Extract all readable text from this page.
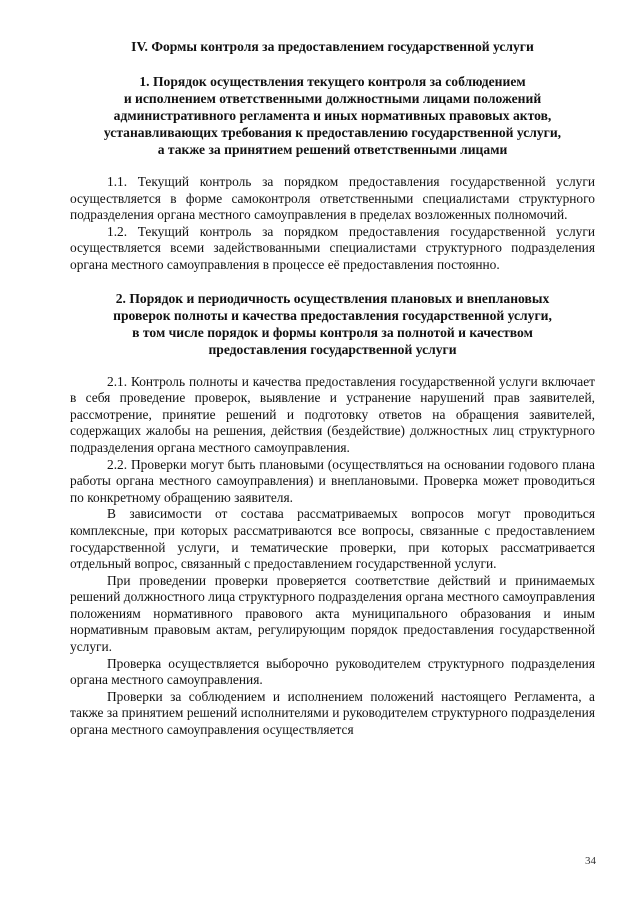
IV. Формы контроля за предоставлением государственной услуги
1. Порядок осуществления текущего контроля за соблюдением
и исполнением ответственными должностными лицами положений
административного регламента и иных нормативных правовых актов,
устанавливающих требования к предоставлению государственной услуги,
а также за принятием решений ответственными лицами

1.1. Текущий контроль за порядком предоставления государственной услуги осуществляется в форме самоконтроля ответственными специалистами структурного подразделения органа местного самоуправления в пределах возложенных полномочий.

1.2. Текущий контроль за порядком предоставления государственной услуги осуществляется всеми задействованными специалистами структурного подразделения органа местного самоуправления в процессе её предоставления постоянно.

2. Порядок и периодичность осуществления плановых и внеплановых
проверок полноты и качества предоставления государственной услуги,
в том числе порядок и формы контроля за полнотой и качеством
предоставления государственной услуги

2.1. Контроль полноты и качества предоставления государственной услуги включает в себя проведение проверок, выявление и устранение нарушений прав заявителей, рассмотрение, принятие решений и подготовку ответов на обращения заявителей, содержащих жалобы на решения, действия (бездействие) должностных лиц структурного подразделения органа местного самоуправления.

2.2. Проверки могут быть плановыми (осуществляться на основании годового плана работы органа местного самоуправления) и внеплановыми. Проверка может проводиться по конкретному обращению заявителя.

В зависимости от состава рассматриваемых вопросов могут проводиться комплексные, при которых рассматриваются все вопросы, связанные с предоставлением государственной услуги, и тематические проверки, при которых рассматривается отдельный вопрос, связанный с предоставлением государственной услуги.

При проведении проверки проверяется соответствие действий и принимаемых решений должностного лица структурного подразделения органа местного самоуправления положениям нормативного правового акта муниципального образования и иным нормативным правовым актам, регулирующим порядок предоставления государственной услуги.

Проверка осуществляется выборочно руководителем структурного подразделения органа местного самоуправления.

Проверки за соблюдением и исполнением положений настоящего Регламента, а также за принятием решений исполнителями и руководителем структурного подразделения органа местного самоуправления осуществляется

34
